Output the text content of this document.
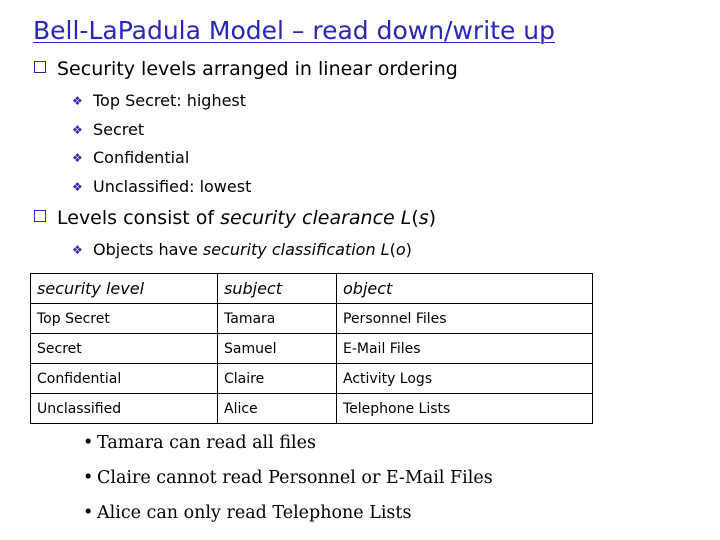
Bell-LaPadula Model – read down/write up
Security levels arranged in linear ordering
❖ Top Secret: highest
❖ Secret
❖ Confidential
❖ Unclassified: lowest
Levels consist of security clearance L(s)
❖ Objects have security classification L(o)
security level	subject	object
Top Secret	Tamara	Personnel Files
Secret	Samuel	E-Mail Files
Confidential	Claire	Activity Logs
Unclassified	Alice	Telephone Lists
• Tamara can read all files
• Claire cannot read Personnel or E-Mail Files
• Alice can only read Telephone Lists
